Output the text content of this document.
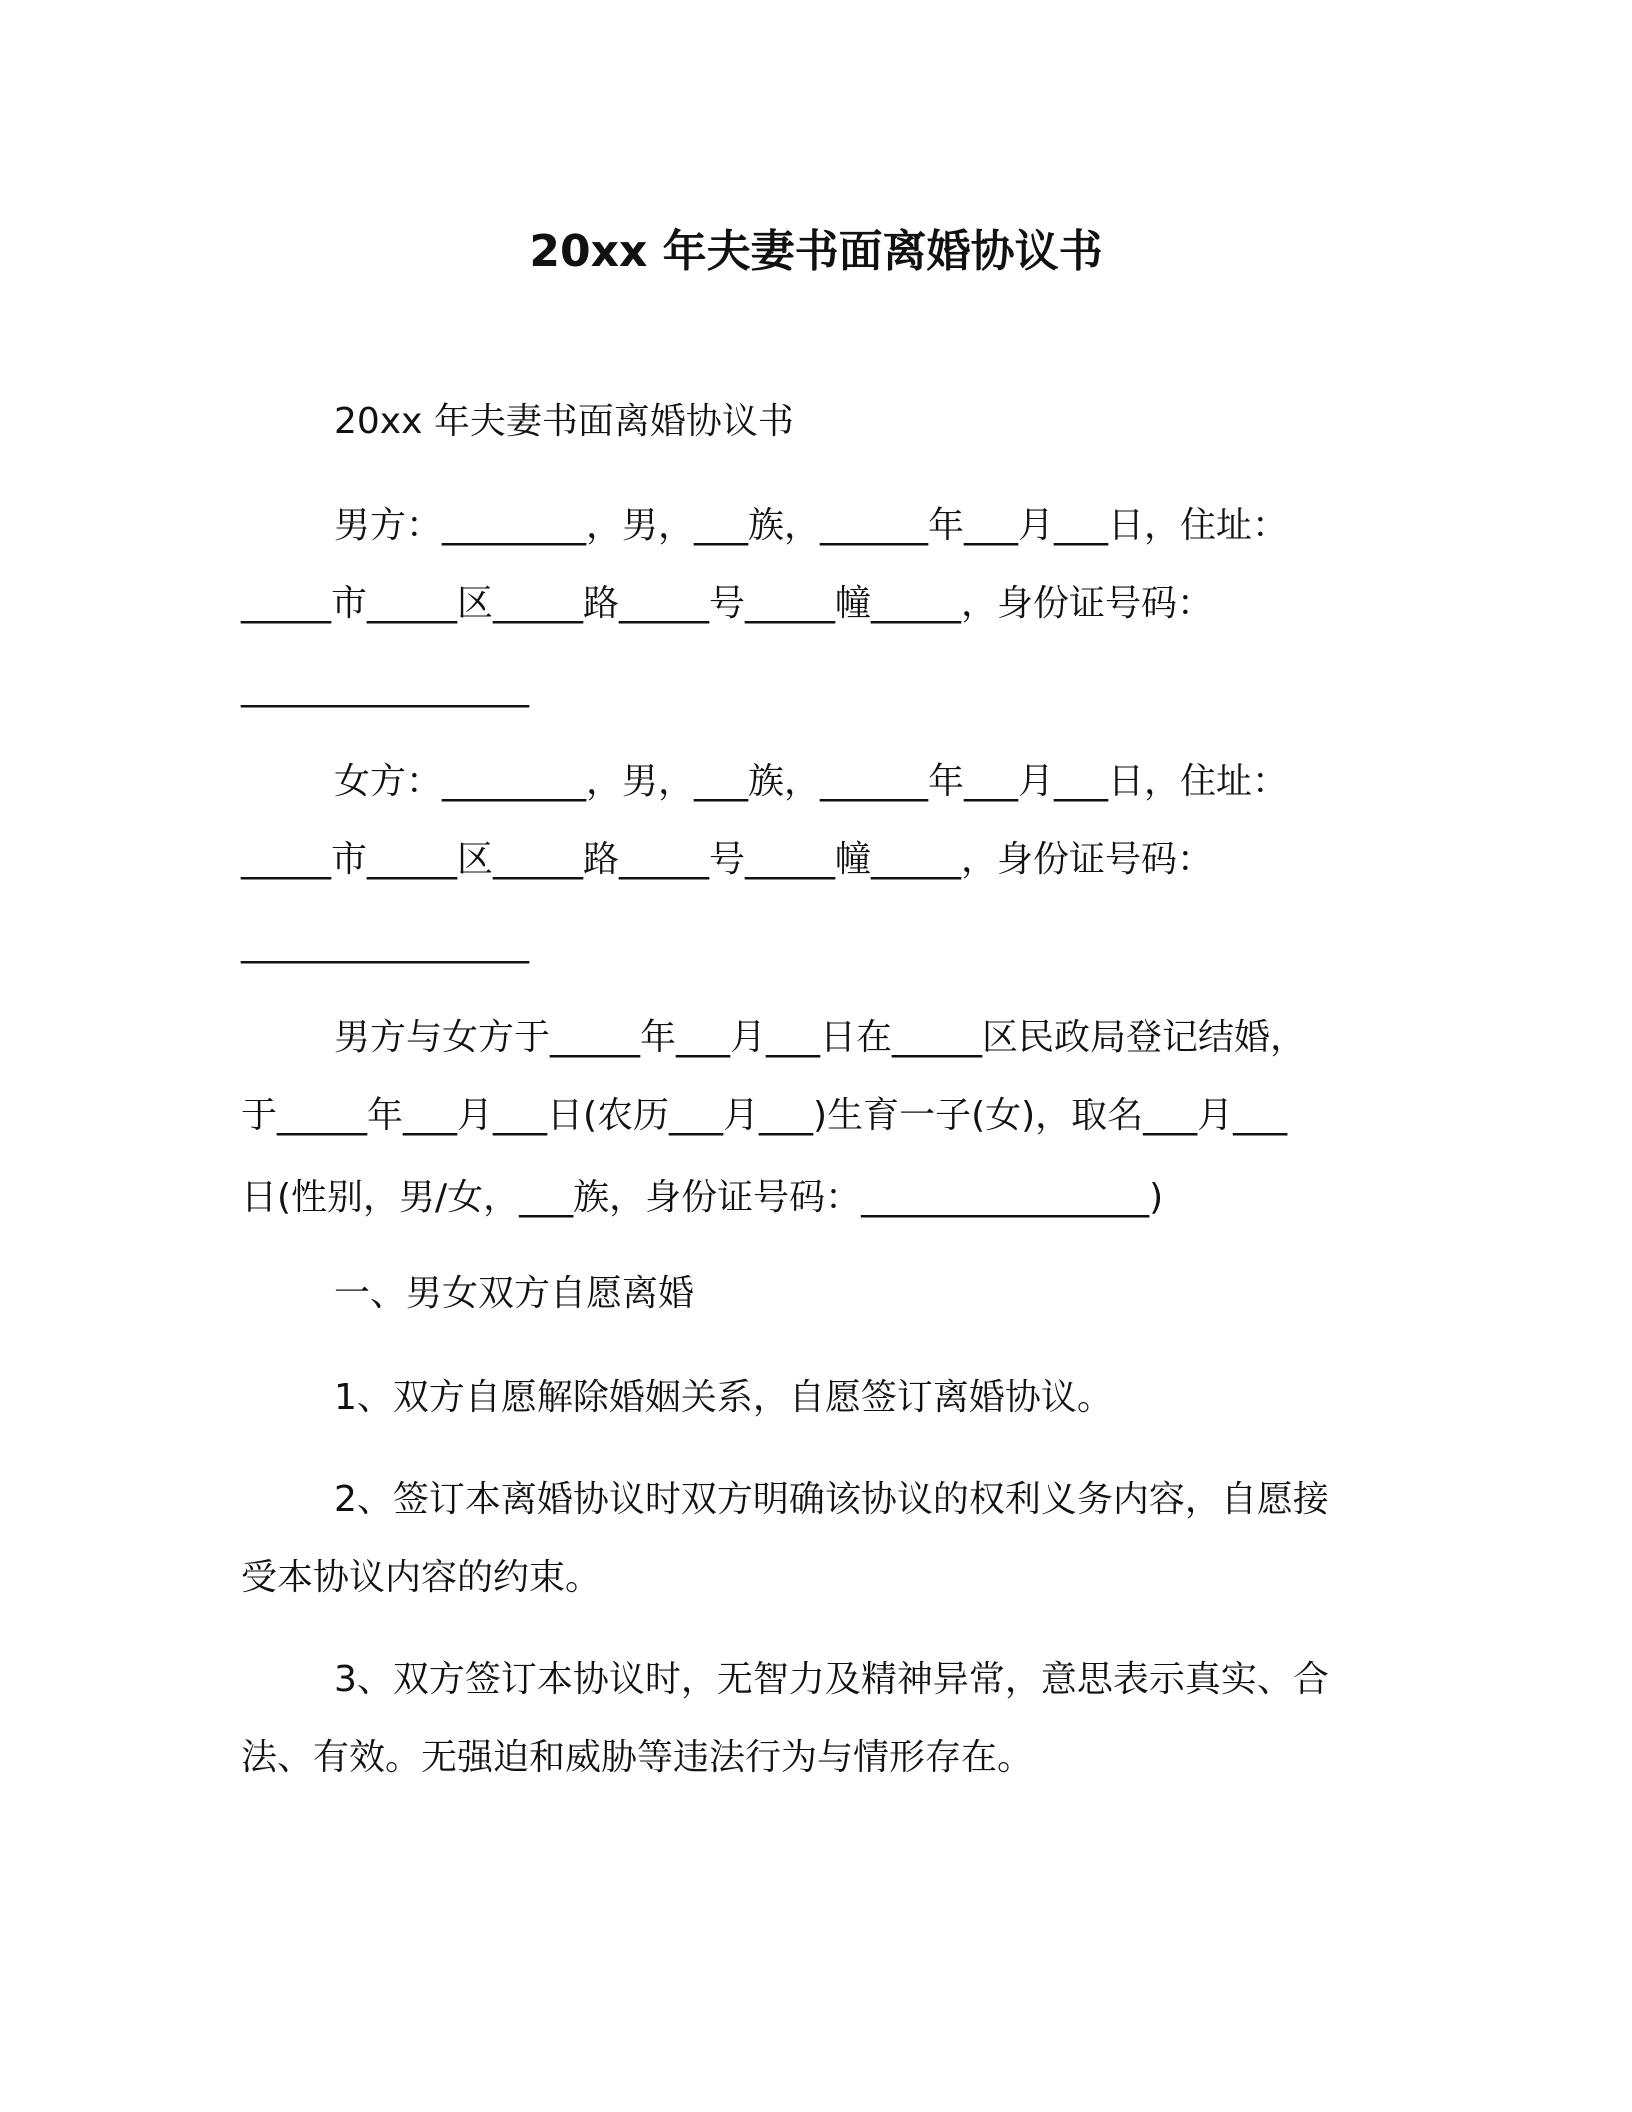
20xx 年夫妻书面离婚协议书
20xx 年夫妻书面离婚协议书
男方：________，男，___族，______年___月___日，住址：
_____市_____区_____路_____号_____幢_____，身份证号码：
________________
女方：________，男，___族，______年___月___日，住址：
_____市_____区_____路_____号_____幢_____，身份证号码：
________________
男方与女方于_____年___月___日在_____区民政局登记结婚，
于_____年___月___日(农历___月___)生育一子(女)，取名___月___
日(性别，男/女，___族，身份证号码：________________)
一、男女双方自愿离婚
1、双方自愿解除婚姻关系，自愿签订离婚协议。
2、签订本离婚协议时双方明确该协议的权利义务内容，自愿接
受本协议内容的约束。
3、双方签订本协议时，无智力及精神异常，意思表示真实、合
法、有效。无强迫和威胁等违法行为与情形存在。
